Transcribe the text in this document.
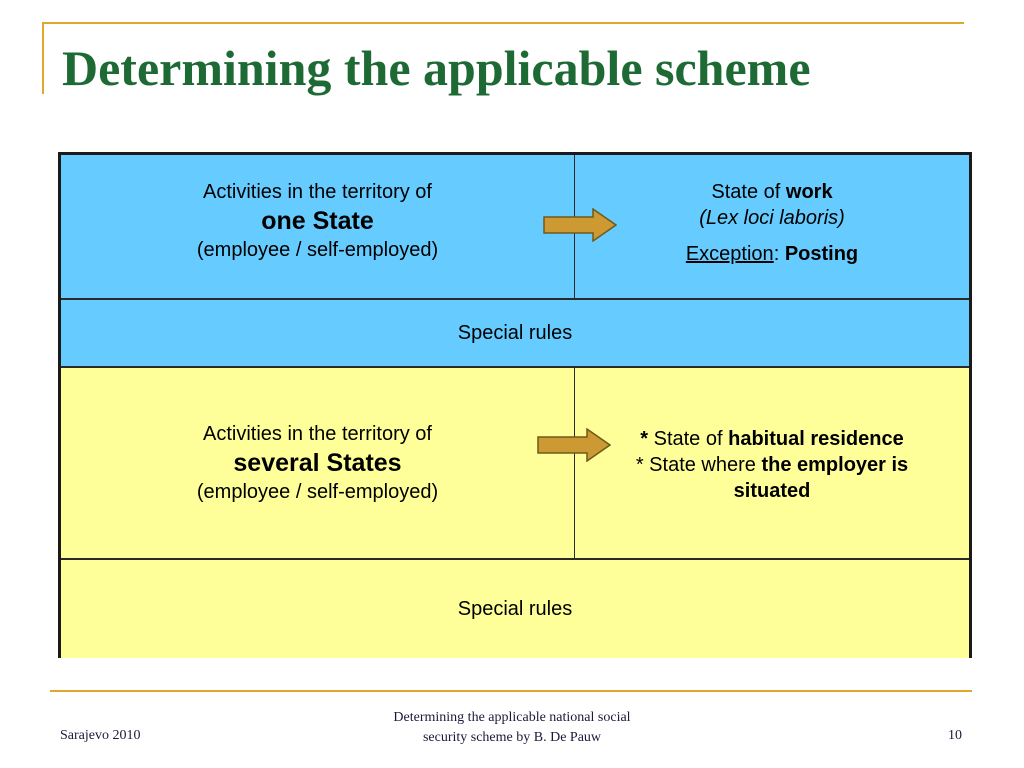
Determining the applicable scheme
Activities in the territory of
one State
(employee / self-employed)
State of work
(Lex loci laboris)
Exception: Posting
Special rules
Activities in the territory of
several States
(employee / self-employed)
* State of habitual residence
* State where the employer is
situated
Special rules
Sarajevo 2010
Determining the applicable national social
security scheme by B. De Pauw	10
